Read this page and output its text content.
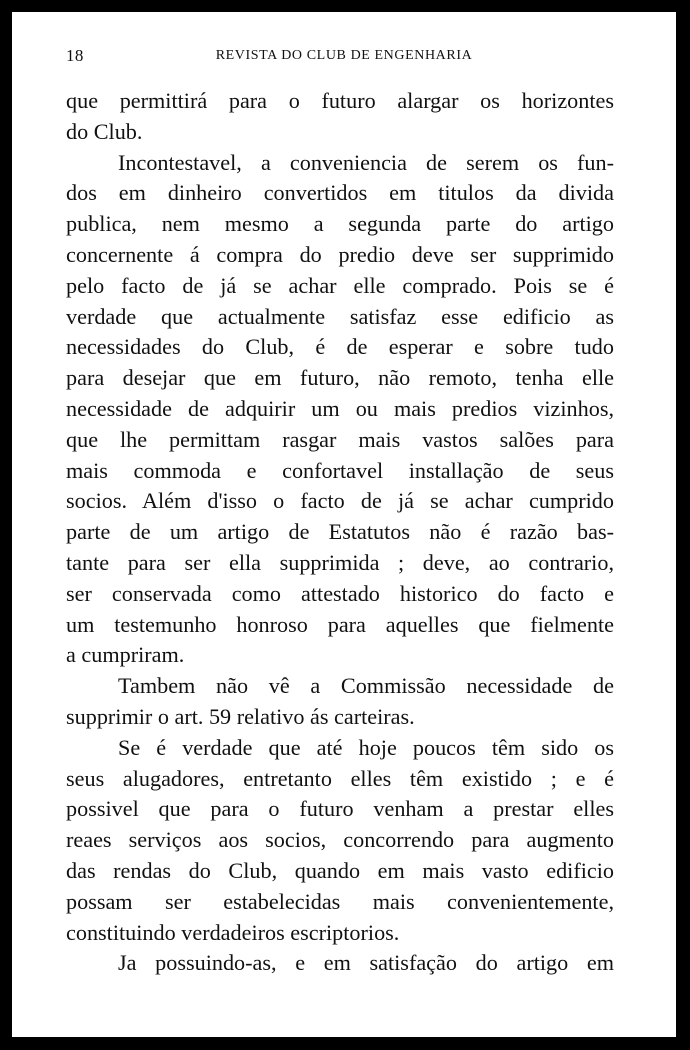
18	REVISTA DO CLUB DE ENGENHARIA

que permittirá para o futuro alargar os horizontes
do Club.

Incontestavel, a conveniencia de serem os fun-
dos em dinheiro convertidos em titulos da divida
publica, nem mesmo a segunda parte do artigo
concernente á compra do predio deve ser supprimido
pelo facto de já se achar elle comprado. Pois se é
verdade que actualmente satisfaz esse edificio as
necessidades do Club, é de esperar e sobre tudo
para desejar que em futuro, não remoto, tenha elle
necessidade de adquirir um ou mais predios vizinhos,
que lhe permittam rasgar mais vastos salões para
mais commoda e confortavel installação de seus
socios. Além d'isso o facto de já se achar cumprido
parte de um artigo de Estatutos não é razão bas-
tante para ser ella supprimida ; deve, ao contrario,
ser conservada como attestado historico do facto e
um testemunho honroso para aquelles que fielmente
a cumpriram.

Tambem não vê a Commissão necessidade de
supprimir o art. 59 relativo ás carteiras.

Se é verdade que até hoje poucos têm sido os
seus alugadores, entretanto elles têm existido ; e é
possivel que para o futuro venham a prestar elles
reaes serviços aos socios, concorrendo para augmento
das rendas do Club, quando em mais vasto edificio
possam ser estabelecidas mais convenientemente,
constituindo verdadeiros escriptorios.

Ja possuindo-as, e em satisfação do artigo em
